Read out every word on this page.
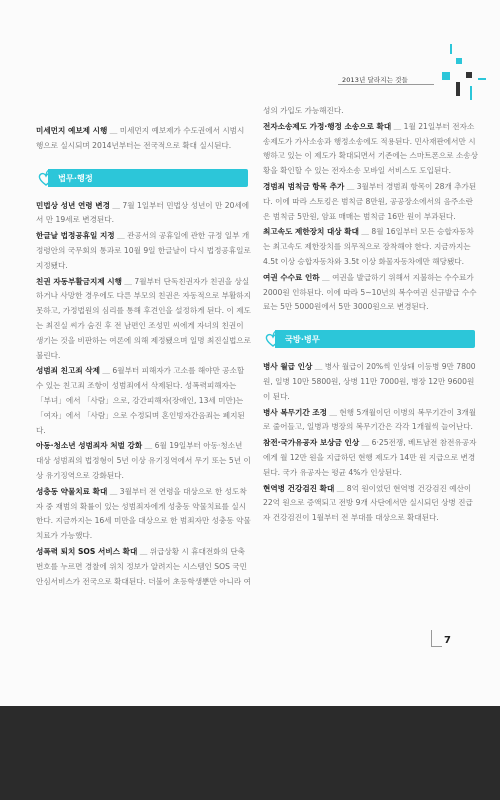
2013년 달라지는 것들

미세먼지 예보제 시행 ＿ 미세먼지 예보제가 수도권에서 시범시행으로 실시되며 2014년부터는 전국적으로 확대 실시된다.

법무·행정

민법상 성년 연령 변경 ＿ 7월 1일부터 민법상 성년이 만 20세에서 만 19세로 변경된다.

한글날 법정공휴일 지정 ＿ 관공서의 공휴일에 관한 규정 일부 개정령안의 국무회의 통과로 10월 9일 한글날이 다시 법정공휴일로 지정됐다.

친권 자동부활금지제 시행 ＿ 7월부터 단독친권자가 친권을 상실하거나 사망한 경우에도 다른 부모의 친권은 자동적으로 부활하지 못하고, 가정법원의 심리를 통해 후견인을 설정하게 된다. 이 제도는 최진실 씨가 숨진 후 전 남편인 조성민 씨에게 자녀의 친권이 생기는 것을 비판하는 여론에 의해 제정됐으며 일명 최진실법으로 불린다.

성범죄 친고죄 삭제 ＿ 6월부터 피해자가 고소를 해야만 공소할 수 있는 친고죄 조항이 성범죄에서 삭제된다. 성폭력피해자는 「부녀」에서 「사람」으로, 강간피해자(장애인, 13세 미만)는 「여자」에서 「사람」으로 수정되며 혼인빙자간음죄는 폐지된다.

아동·청소년 성범죄자 처벌 강화 ＿ 6월 19일부터 아동·청소년 대상 성범죄의 법정형이 5년 이상 유기징역에서 무기 또는 5년 이상 유기징역으로 강화된다.

성충동 약물치료 확대 ＿ 3월부터 전 연령을 대상으로 한 성도착자 중 재범의 확률이 있는 성범죄자에게 성충동 약물치료를 실시한다. 지금까지는 16세 미만을 대상으로 한 범죄자만 성충동 약물치료가 가능했다.

성폭력 퇴치 SOS 서비스 확대 ＿ 위급상황 시 휴대전화의 단축번호를 누르면 경찰에 위치 정보가 알려지는 시스템인 SOS 국민안심서비스가 전국으로 확대된다. 더불어 초등학생뿐만 아니라 여

성의 가입도 가능해진다.

전자소송제도 가정·행정 소송으로 확대 ＿ 1월 21일부터 전자소송제도가 가사소송과 행정소송에도 적용된다. 민사재판에서만 시행하고 있는 이 제도가 확대되면서 기존에는 스마트폰으로 소송상황을 확인할 수 있는 전자소송 모바일 서비스도 도입된다.

경범죄 범칙금 항목 추가 ＿ 3월부터 경범죄 항목이 28개 추가된다. 이에 따라 스토킹은 범칙금 8만원, 공공장소에서의 음주소란은 범칙금 5만원, 암표 매매는 범칙금 16만 원이 부과된다.

최고속도 제한장치 대상 확대 ＿ 8월 16일부터 모든 승합자동차는 최고속도 제한장치를 의무적으로 장착해야 한다. 지금까지는 4.5t 이상 승합자동차와 3.5t 이상 화물자동차에만 해당됐다.

여권 수수료 인하 ＿ 여권을 발급하기 위해서 지불하는 수수료가 2000원 인하된다. 이에 따라 5~10년의 복수여권 신규발급 수수료는 5만 5000원에서 5만 3000원으로 변경된다.

국방·병무

병사 월급 인상 ＿ 병사 월급이 20%씩 인상돼 이등병 9만 7800원, 일병 10만 5800원, 상병 11만 7000원, 병장 12만 9600원이 된다.

병사 복무기간 조정 ＿ 현행 5개월이던 이병의 복무기간이 3개월로 줄어들고, 일병과 병장의 복무기간은 각각 1개월씩 늘어난다.

참전·국가유공자 보상금 인상 ＿ 6·25전쟁, 베트남전 참전유공자에게 월 12만 원을 지급하던 현행 제도가 14만 원 지급으로 변경된다. 국가 유공자는 평균 4%가 인상된다.

현역병 건강검진 확대 ＿ 8억 원이었던 현역병 건강검진 예산이 22억 원으로 증액되고 전방 9개 사단에서만 실시되던 상병 진급자 건강검진이 1월부터 전 부대를 대상으로 확대된다.

7
